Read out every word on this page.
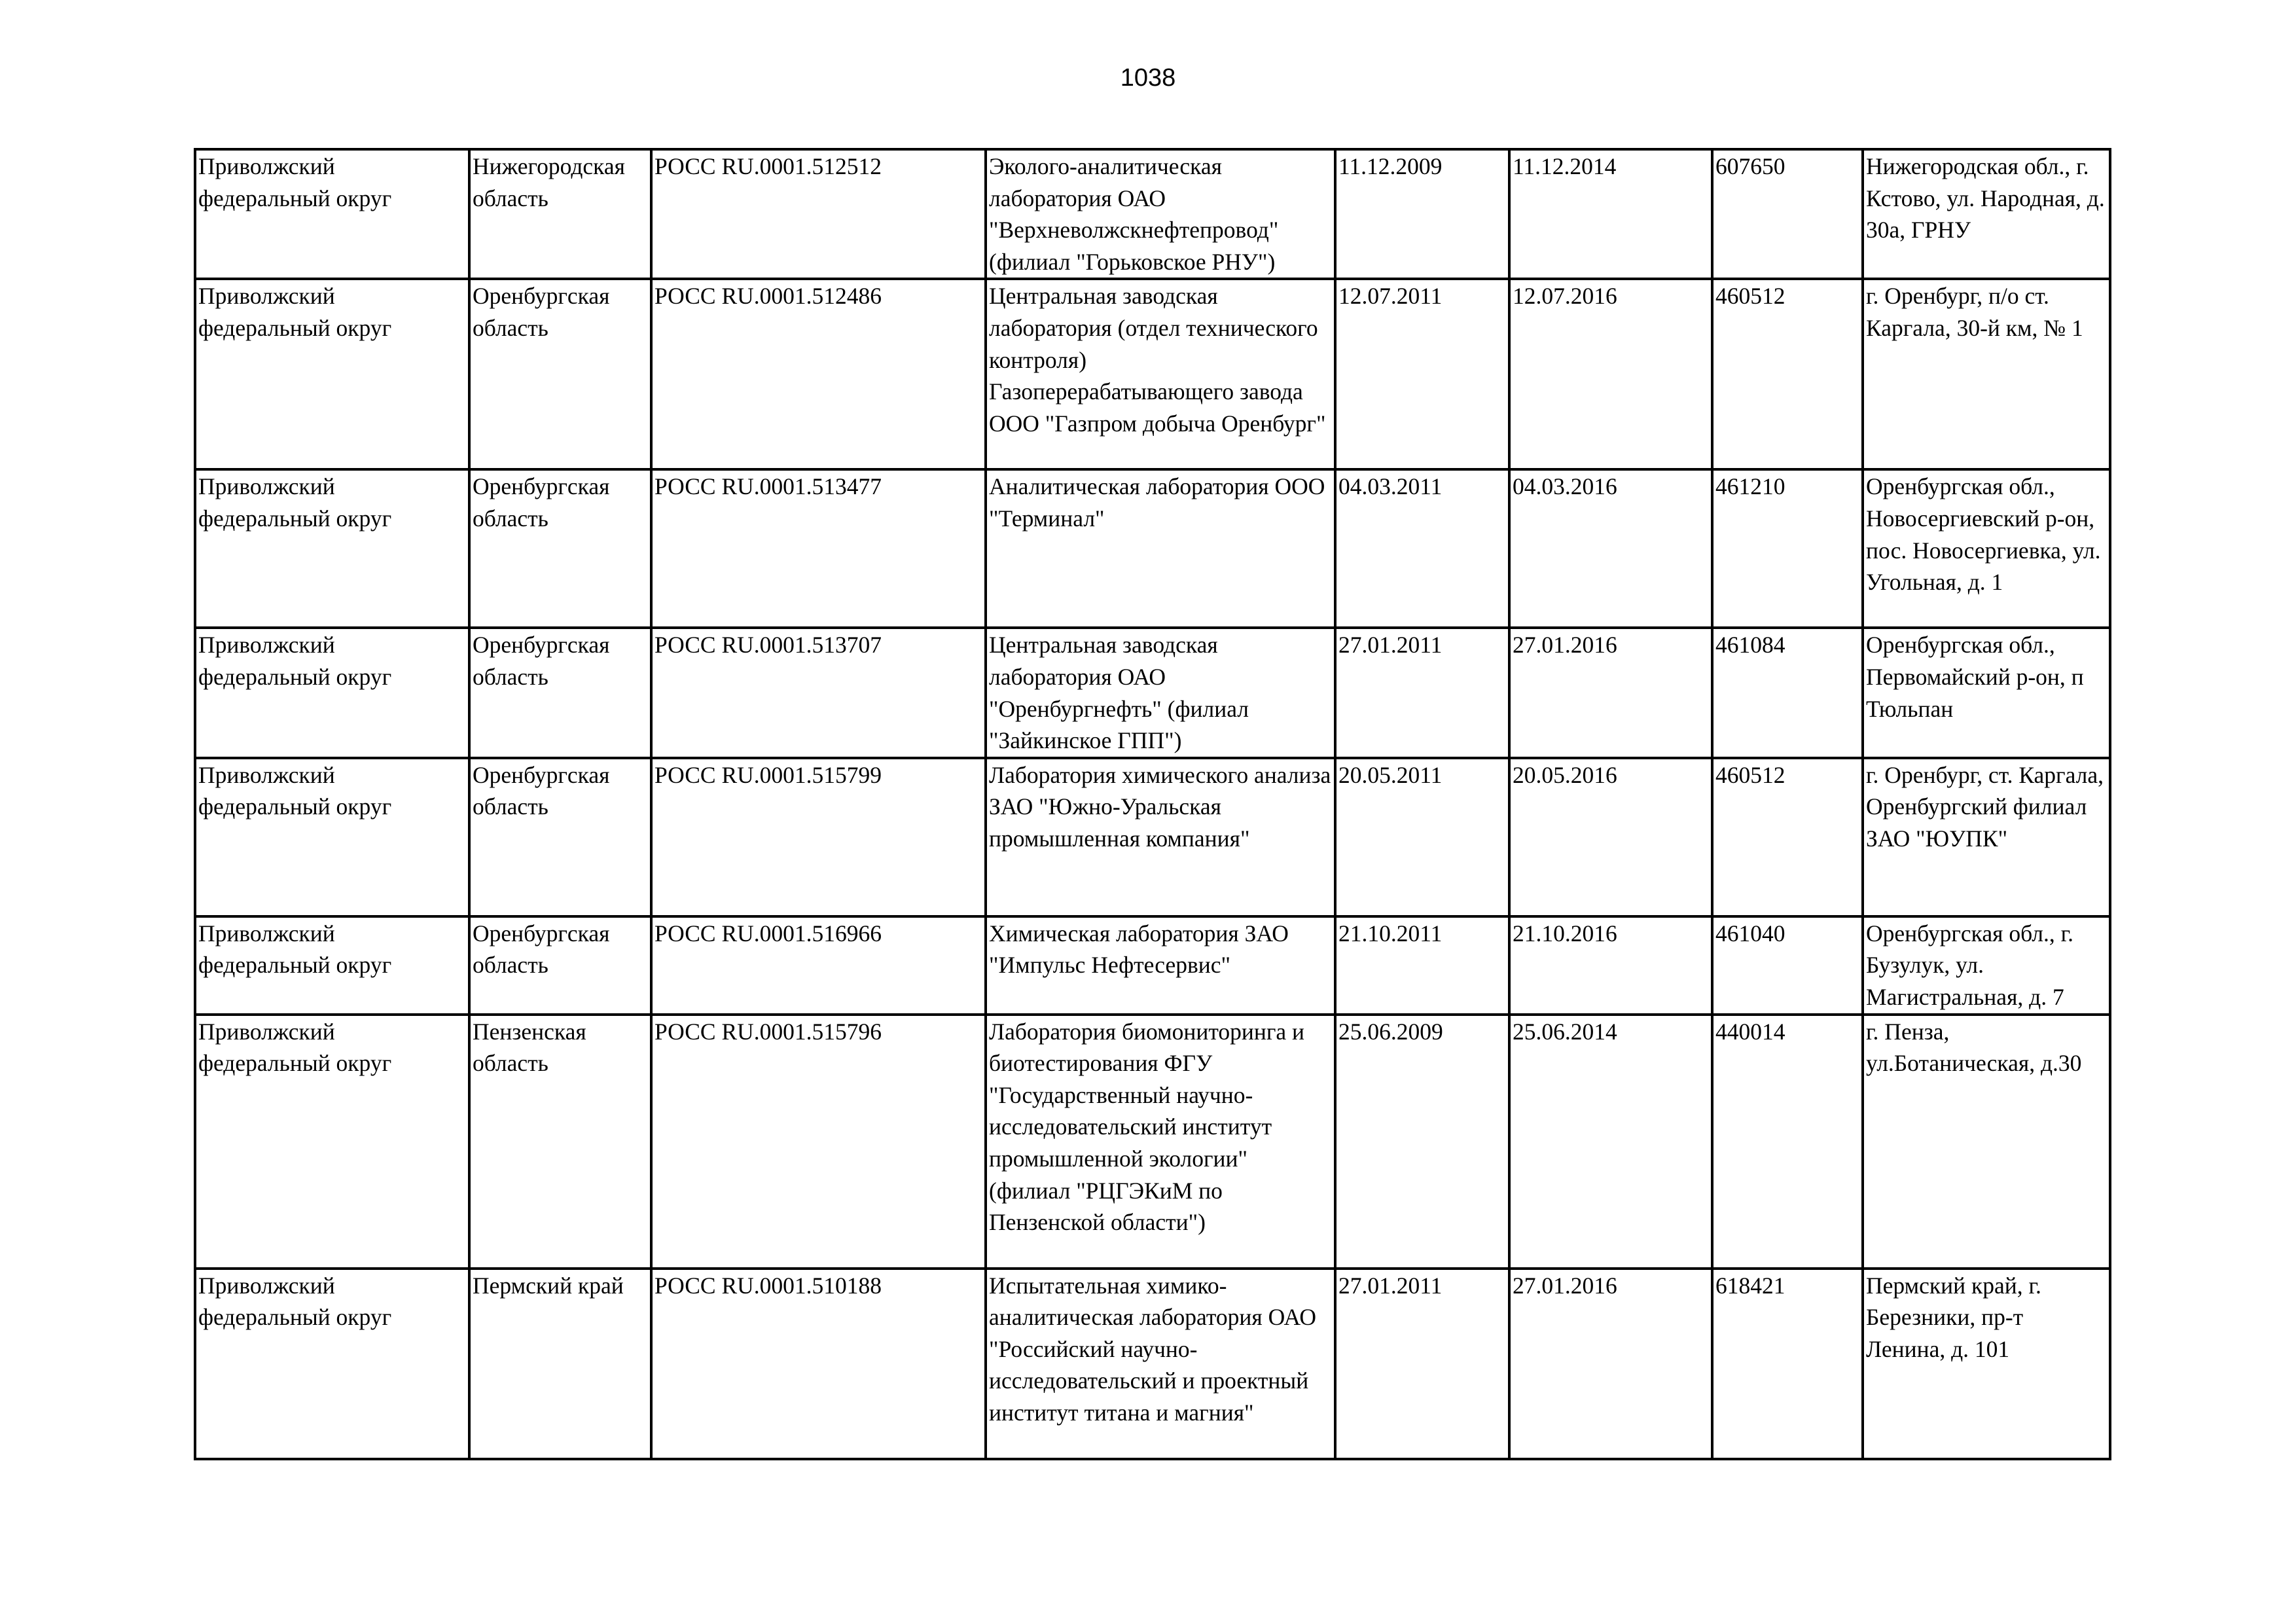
1038
Приволжский федеральный округ	Нижегородская область	РОСС RU.0001.512512	Эколого-аналитическая лаборатория ОАО "Верхневолжскнефтепровод" (филиал "Горьковское РНУ")	11.12.2009	11.12.2014	607650	Нижегородская обл., г. Кстово, ул. Народная, д. 30а, ГРНУ

Приволжский федеральный округ	Оренбургская область	РОСС RU.0001.512486	Центральная заводская лаборатория (отдел технического контроля) Газоперерабатывающего завода ООО "Газпром добыча Оренбург"	12.07.2011	12.07.2016	460512	г. Оренбург, п/о ст. Каргала, 30-й км, № 1

Приволжский федеральный округ	Оренбургская область	РОСС RU.0001.513477	Аналитическая лаборатория ООО "Терминал"	04.03.2011	04.03.2016	461210	Оренбургская обл., Новосергиевский р-он, пос. Новосергиевка, ул. Угольная, д. 1

Приволжский федеральный округ	Оренбургская область	РОСС RU.0001.513707	Центральная заводская лаборатория ОАО "Оренбургнефть" (филиал "Зайкинское ГПП")	27.01.2011	27.01.2016	461084	Оренбургская обл., Первомайский р-он, п Тюльпан

Приволжский федеральный округ	Оренбургская область	РОСС RU.0001.515799	Лаборатория химического анализа ЗАО "Южно-Уральская промышленная компания"	20.05.2011	20.05.2016	460512	г. Оренбург, ст. Каргала, Оренбургский филиал ЗАО "ЮУПК"

Приволжский федеральный округ	Оренбургская область	РОСС RU.0001.516966	Химическая лаборатория ЗАО "Импульс Нефтесервис"	21.10.2011	21.10.2016	461040	Оренбургская обл., г. Бузулук, ул. Магистральная, д. 7

Приволжский федеральный округ	Пензенская область	РОСС RU.0001.515796	Лаборатория биомониторинга и биотестирования ФГУ "Государственный научно-исследовательский институт промышленной экологии" (филиал "РЦГЭКиМ по Пензенской области")	25.06.2009	25.06.2014	440014	г. Пенза, ул.Ботаническая, д.30

Приволжский федеральный округ	Пермский край	РОСС RU.0001.510188	Испытательная химико-аналитическая лаборатория ОАО "Российский научно-исследовательский и проектный институт титана и магния"	27.01.2011	27.01.2016	618421	Пермский край, г. Березники, пр-т Ленина, д. 101
